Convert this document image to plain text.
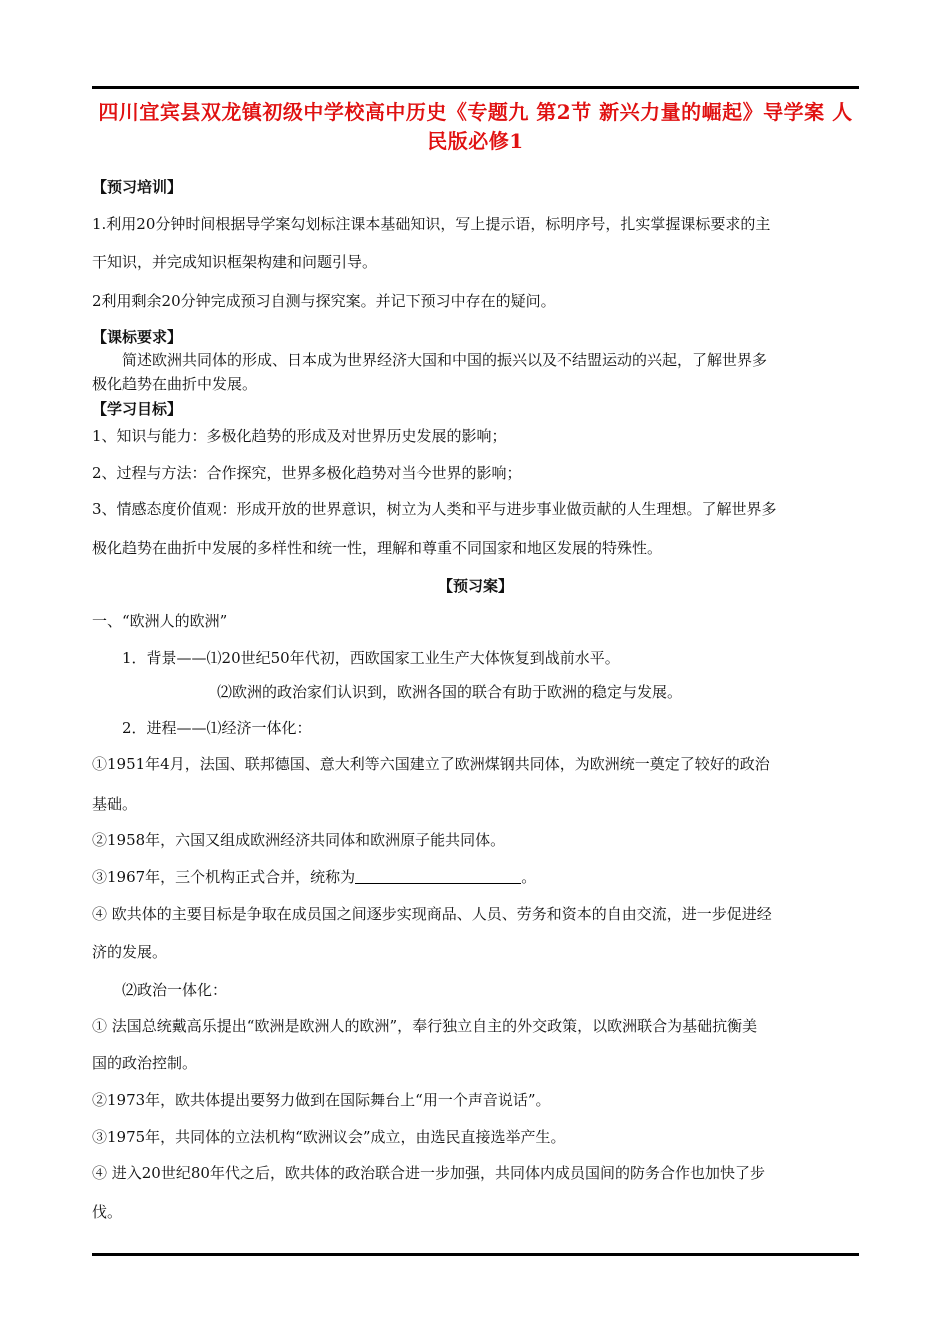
四川宜宾县双龙镇初级中学校高中历史《专题九 第2节 新兴力量的崛起》导学案 人民版必修1
【预习培训】
1.利用20分钟时间根据导学案勾划标注课本基础知识，写上提示语，标明序号，扎实掌握课标要求的主
干知识，并完成知识框架构建和问题引导。
2利用剩余20分钟完成预习自测与探究案。并记下预习中存在的疑问。
【课标要求】
简述欧洲共同体的形成、日本成为世界经济大国和中国的振兴以及不结盟运动的兴起，了解世界多
极化趋势在曲折中发展。
【学习目标】
1、知识与能力：多极化趋势的形成及对世界历史发展的影响；
2、过程与方法：合作探究，世界多极化趋势对当今世界的影响；
3、情感态度价值观：形成开放的世界意识，树立为人类和平与进步事业做贡献的人生理想。了解世界多
极化趋势在曲折中发展的多样性和统一性，理解和尊重不同国家和地区发展的特殊性。
【预习案】
一、“欧洲人的欧洲”
1．背景——⑴20世纪50年代初，西欧国家工业生产大体恢复到战前水平。
⑵欧洲的政治家们认识到，欧洲各国的联合有助于欧洲的稳定与发展。
2．进程——⑴经济一体化：
①1951年4月，法国、联邦德国、意大利等六国建立了欧洲煤钢共同体，为欧洲统一奠定了较好的政治
基础。
②1958年，六国又组成欧洲经济共同体和欧洲原子能共同体。
③1967年，三个机构正式合并，统称为	。
④ 欧共体的主要目标是争取在成员国之间逐步实现商品、人员、劳务和资本的自由交流，进一步促进经
济的发展。
⑵政治一体化：
① 法国总统戴高乐提出“欧洲是欧洲人的欧洲”，奉行独立自主的外交政策，以欧洲联合为基础抗衡美
国的政治控制。
②1973年，欧共体提出要努力做到在国际舞台上“用一个声音说话”。
③1975年，共同体的立法机构“欧洲议会”成立，由选民直接选举产生。
④ 进入20世纪80年代之后，欧共体的政治联合进一步加强，共同体内成员国间的防务合作也加快了步
伐。
